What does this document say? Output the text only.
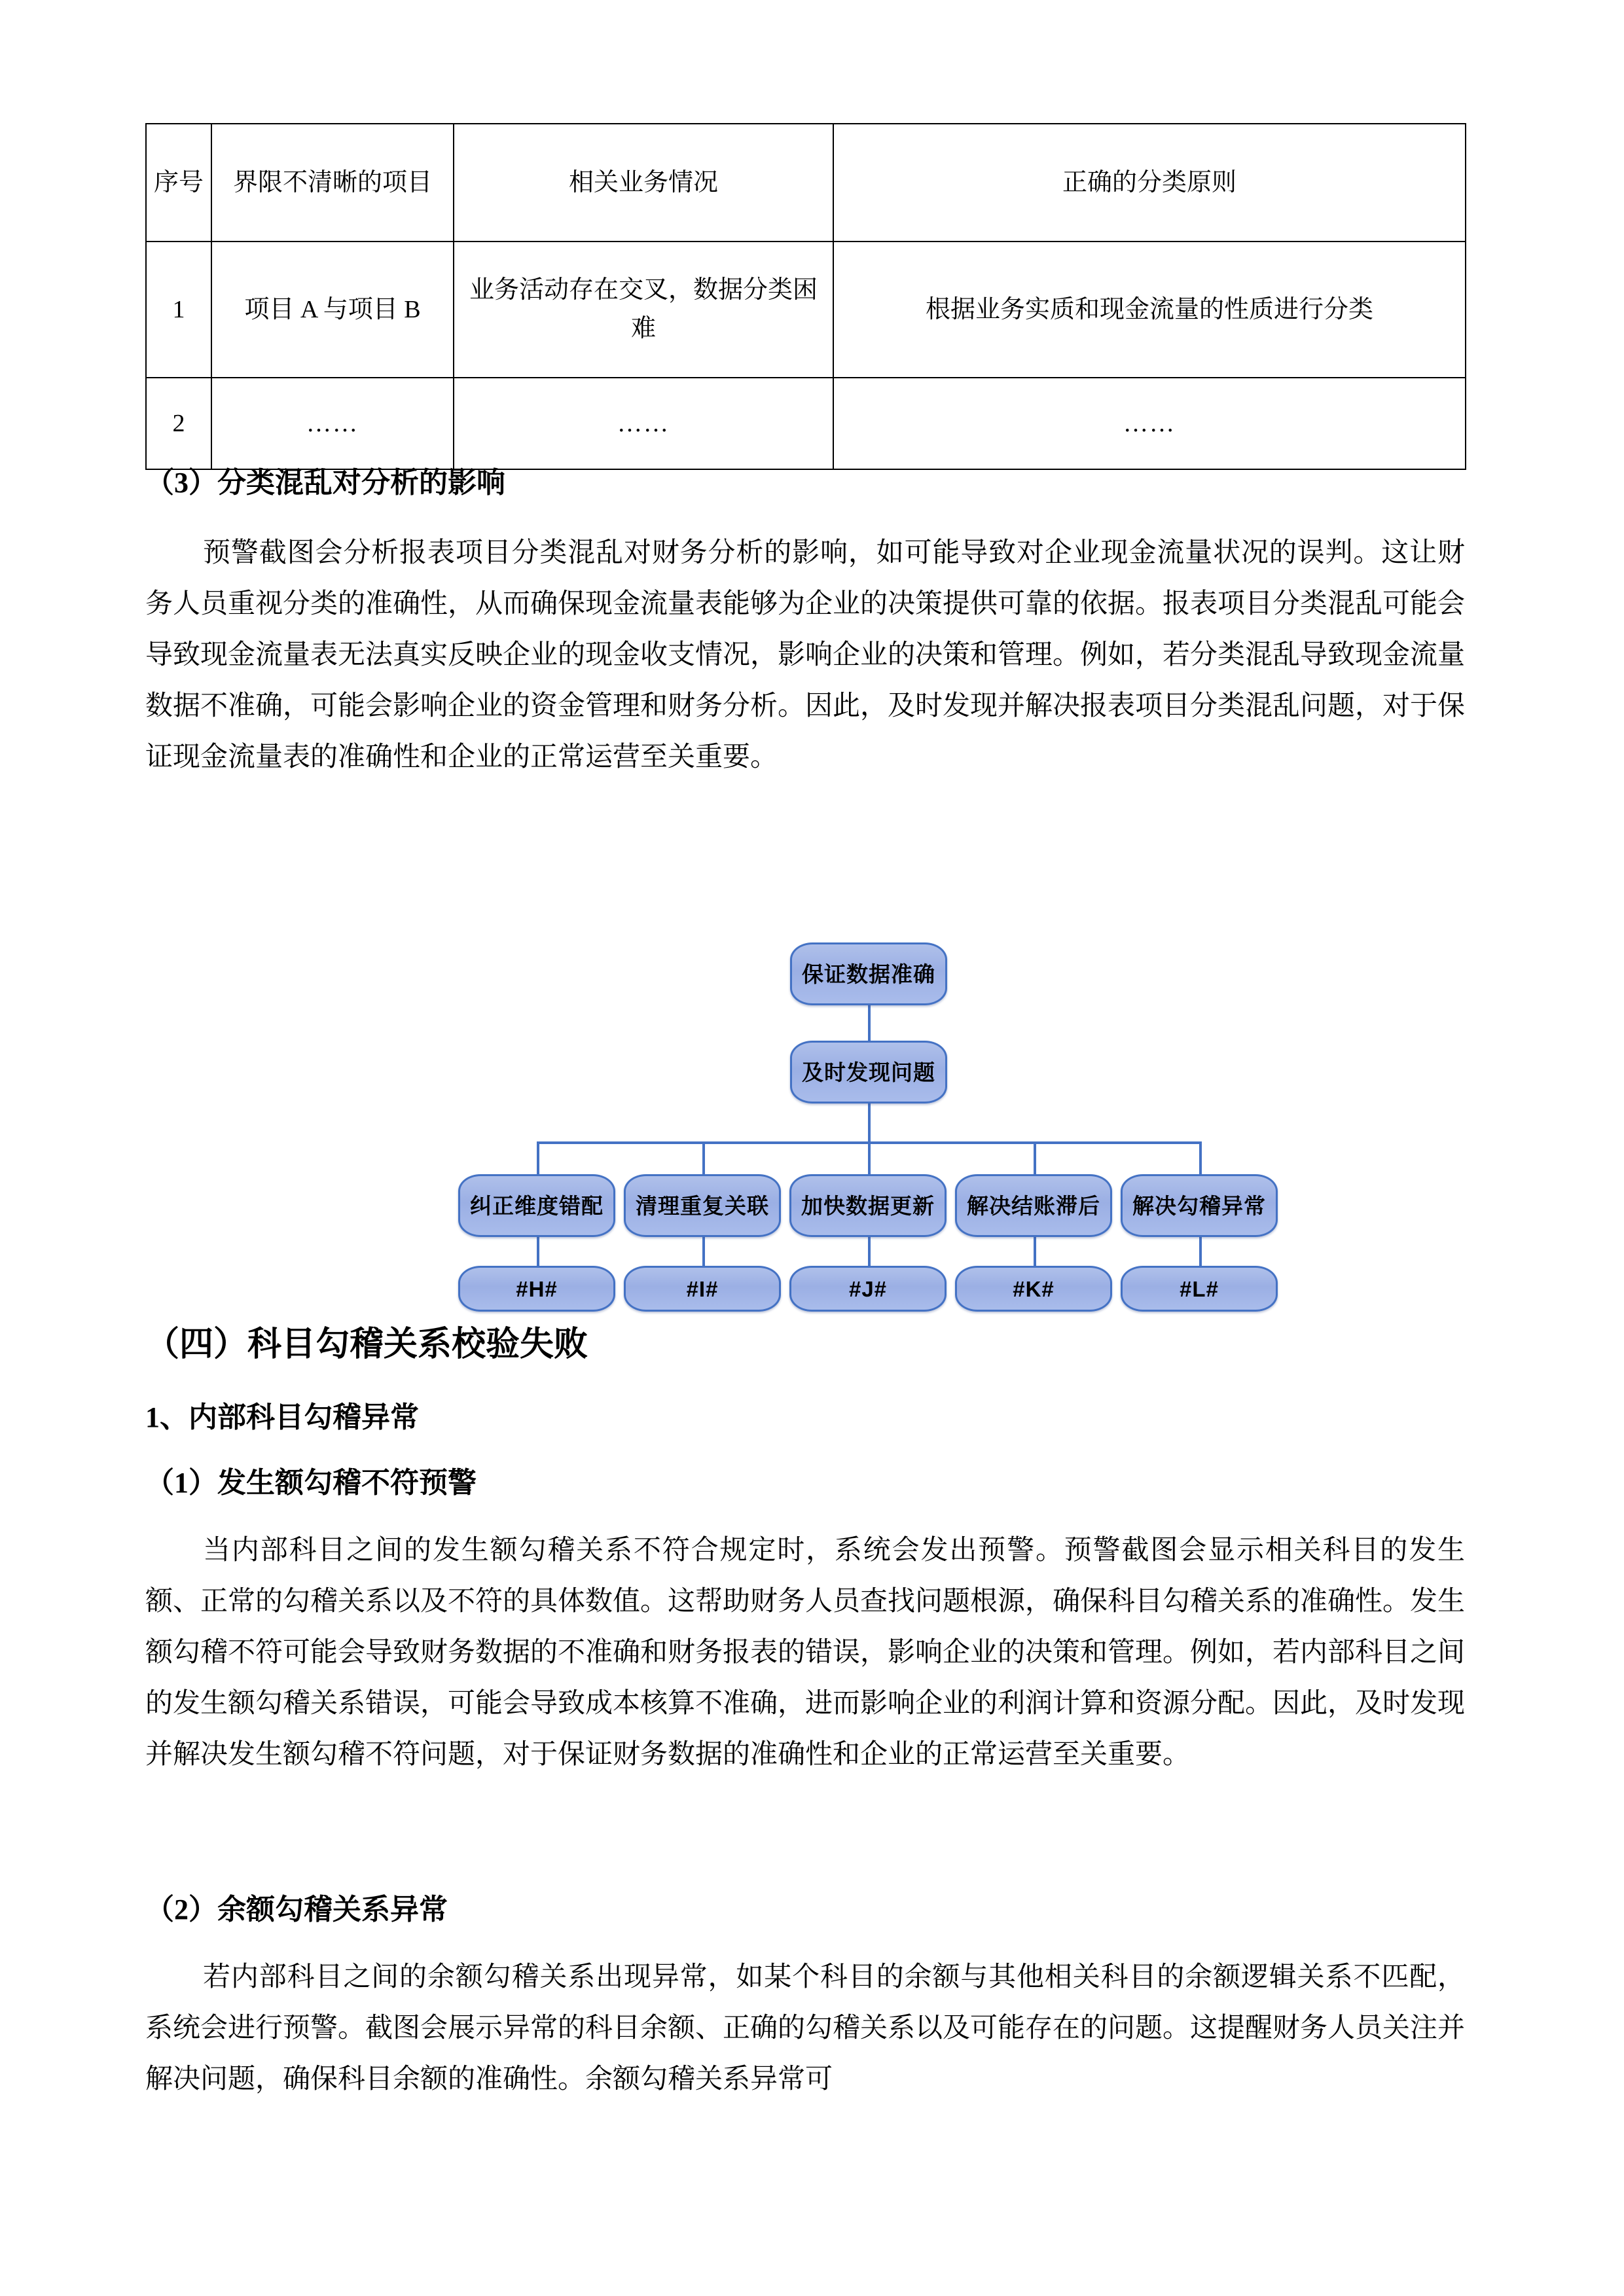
序号	界限不清晰的项目	相关业务情况	正确的分类原则
1	项目 A 与项目 B	业务活动存在交叉，数据分类困难	根据业务实质和现金流量的性质进行分类
2	……	……	……
（3）分类混乱对分析的影响
预警截图会分析报表项目分类混乱对财务分析的影响，如可能导致对企业现金流量状况的误判。这让财务人员重视分类的准确性，从而确保现金流量表能够为企业的决策提供可靠的依据。报表项目分类混乱可能会导致现金流量表无法真实反映企业的现金收支情况，影响企业的决策和管理。例如，若分类混乱导致现金流量数据不准确，可能会影响企业的资金管理和财务分析。因此，及时发现并解决报表项目分类混乱问题，对于保证现金流量表的准确性和企业的正常运营至关重要。
保证数据准确
及时发现问题
纠正维度错配 清理重复关联 加快数据更新 解决结账滞后 解决勾稽异常
#H#	#I#	#J#	#K#	#L#
（四）科目勾稽关系校验失败
1、内部科目勾稽异常
（1）发生额勾稽不符预警
当内部科目之间的发生额勾稽关系不符合规定时，系统会发出预警。预警截图会显示相关科目的发生额、正常的勾稽关系以及不符的具体数值。这帮助财务人员查找问题根源，确保科目勾稽关系的准确性。发生额勾稽不符可能会导致财务数据的不准确和财务报表的错误，影响企业的决策和管理。例如，若内部科目之间的发生额勾稽关系错误，可能会导致成本核算不准确，进而影响企业的利润计算和资源分配。因此，及时发现并解决发生额勾稽不符问题，对于保证财务数据的准确性和企业的正常运营至关重要。
（2）余额勾稽关系异常
若内部科目之间的余额勾稽关系出现异常，如某个科目的余额与其他相关科目的余额逻辑关系不匹配，系统会进行预警。截图会展示异常的科目余额、正确的勾稽关系以及可能存在的问题。这提醒财务人员关注并解决问题，确保科目余额的准确性。余额勾稽关系异常可
